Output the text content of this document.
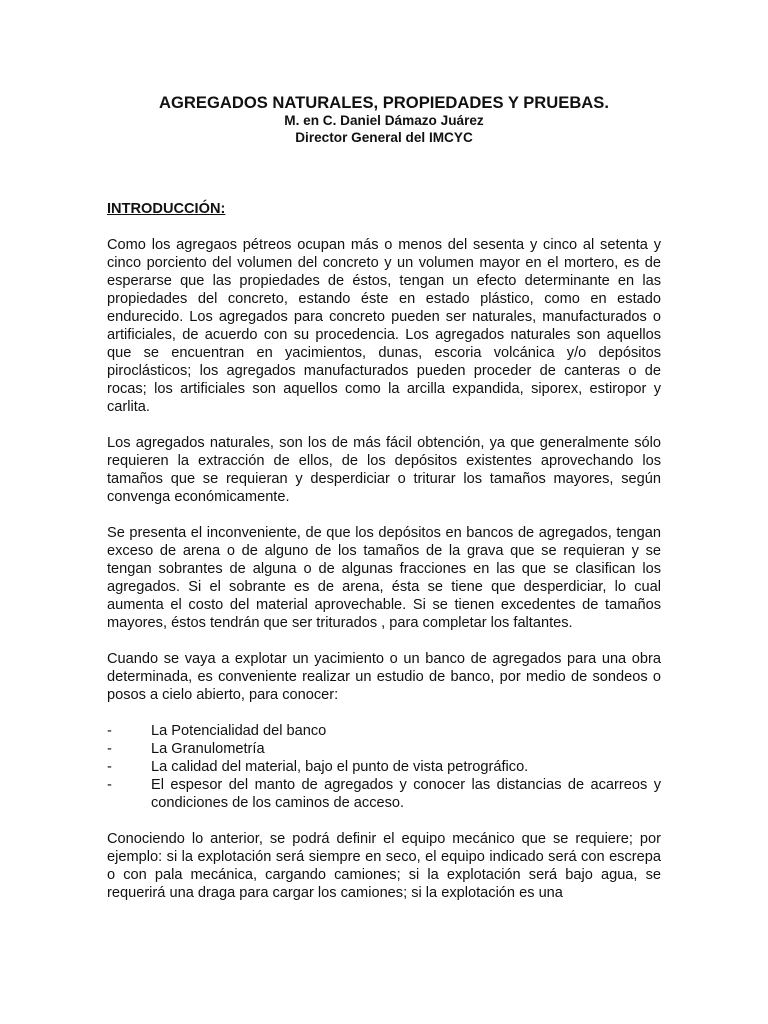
AGREGADOS NATURALES, PROPIEDADES Y PRUEBAS.

M. en C. Daniel Dámazo Juárez

Director General del IMCYC

INTRODUCCIÓN:

Como los agregaos pétreos ocupan más o menos del sesenta y cinco al setenta y cinco porciento del volumen del concreto y un volumen mayor en el mortero, es de esperarse que las propiedades de éstos, tengan un efecto determinante en las propiedades del concreto, estando éste en estado plástico, como en estado endurecido. Los agregados para concreto pueden ser naturales, manufacturados o artificiales, de acuerdo con su procedencia. Los agregados naturales son aquellos que se encuentran en yacimientos, dunas, escoria volcánica y/o depósitos piroclásticos; los agregados manufacturados pueden proceder de canteras o de rocas; los artificiales son aquellos como la arcilla expandida, siporex, estiropor y carlita.

Los agregados naturales, son los de más fácil obtención, ya que generalmente sólo requieren la extracción de ellos, de los depósitos existentes aprovechando los tamaños que se requieran y desperdiciar o triturar los tamaños mayores, según convenga económicamente.

Se presenta el inconveniente, de que los depósitos en bancos de agregados, tengan exceso de arena o de alguno de los tamaños de la grava que se requieran y se tengan sobrantes de alguna o de algunas fracciones en las que se clasifican los agregados. Si el sobrante es de arena, ésta se tiene que desperdiciar, lo cual aumenta el costo del material aprovechable. Si se tienen excedentes de tamaños mayores, éstos tendrán que ser triturados , para completar los faltantes.

Cuando se vaya a explotar un yacimiento o un banco de agregados para una obra determinada, es conveniente realizar un estudio de banco, por medio de sondeos o posos a cielo abierto, para conocer:

-	La Potencialidad del banco
-	La Granulometría
-	La calidad del material, bajo el punto de vista petrográfico.
-	El espesor del manto de agregados y conocer las distancias de acarreos y condiciones de los caminos de acceso.

Conociendo lo anterior, se podrá definir el equipo mecánico que se requiere; por ejemplo: si la explotación será siempre en seco, el equipo indicado será con escrepa o con pala mecánica, cargando camiones; si la explotación será bajo agua, se requerirá una draga para cargar los camiones; si la explotación es una
